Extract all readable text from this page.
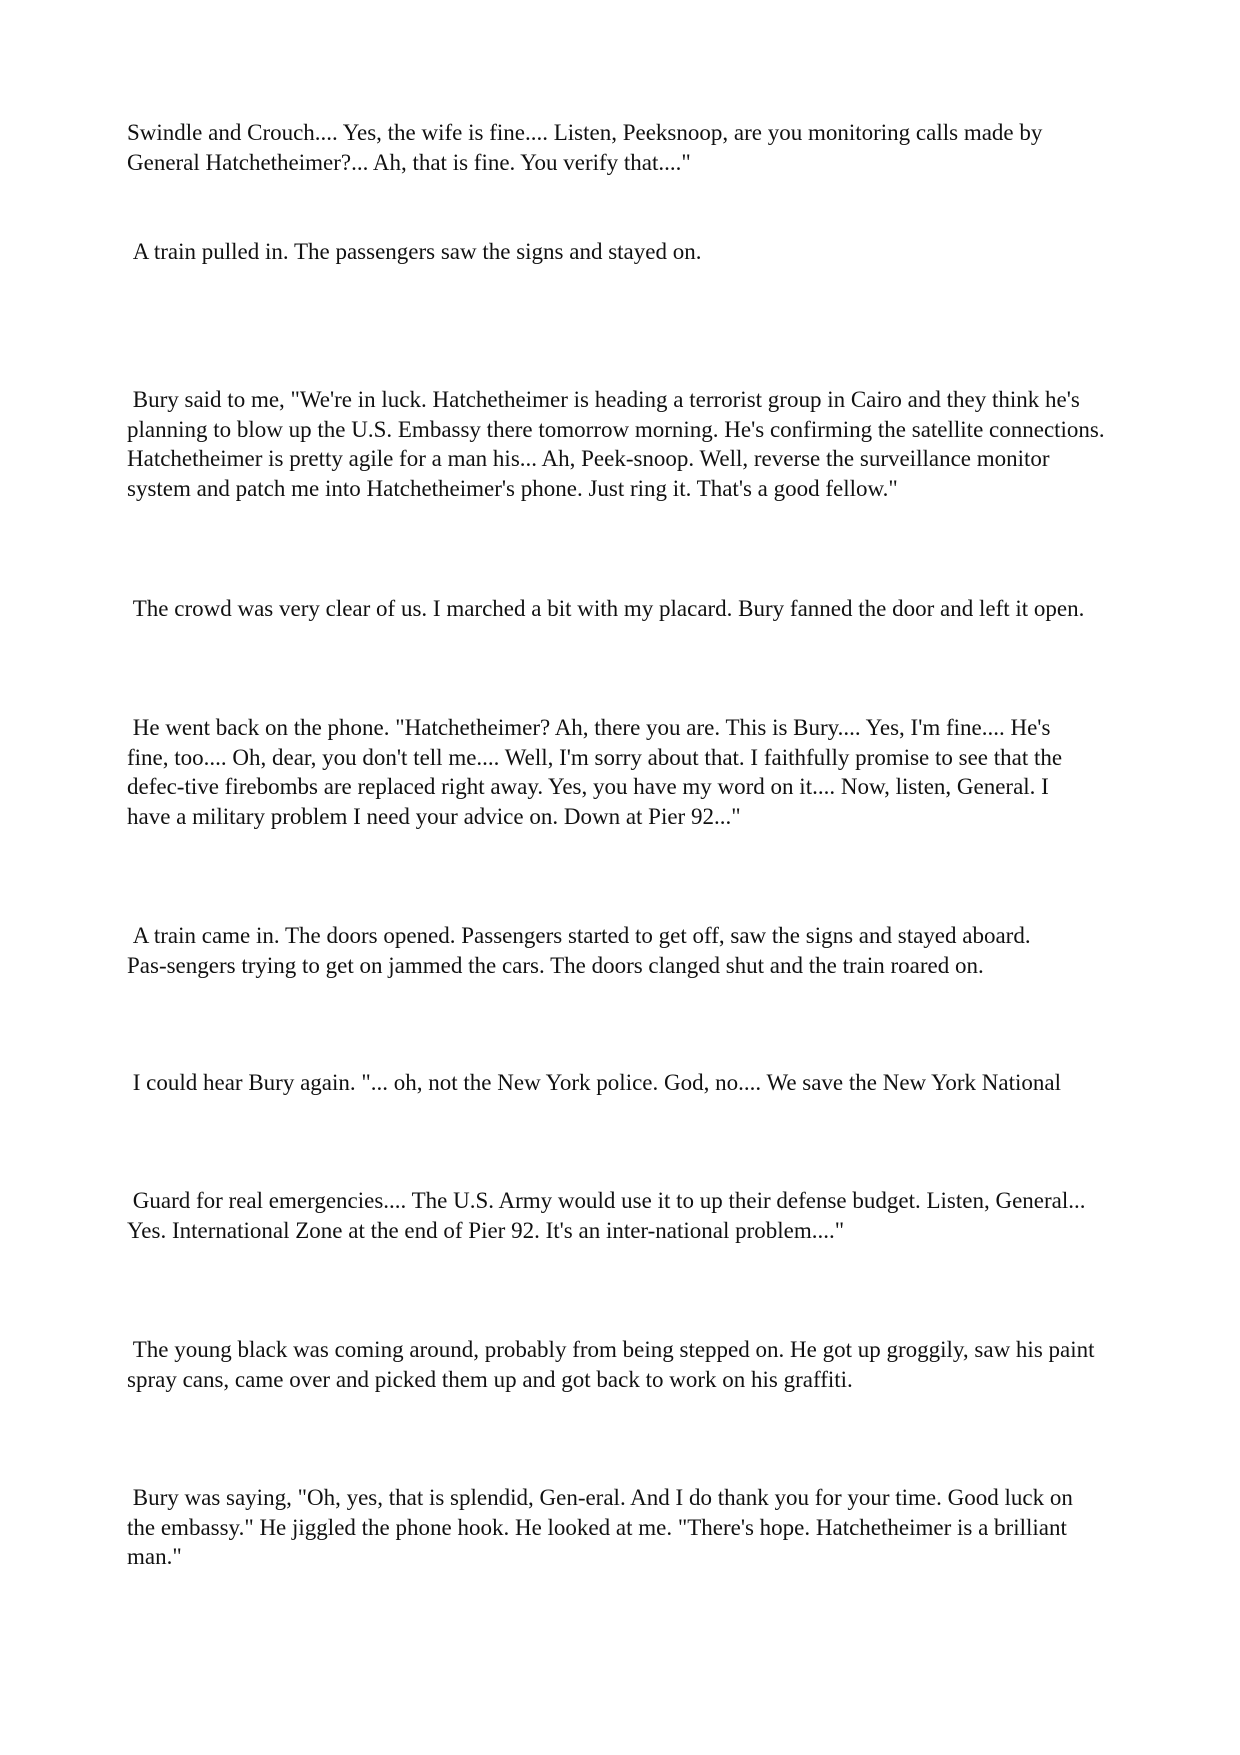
Swindle and Crouch.... Yes, the wife is fine.... Listen, Peeksnoop, are you monitoring calls made by
General Hatchetheimer?... Ah, that is fine. You verify that...."

A train pulled in. The passengers saw the signs and stayed on.

Bury said to me, "We're in luck. Hatchetheimer is heading a terrorist group in Cairo and they think he's
planning to blow up the U.S. Embassy there tomorrow morning. He's confirming the satellite connections.
Hatchetheimer is pretty agile for a man his... Ah, Peek-snoop. Well, reverse the surveillance monitor
system and patch me into Hatchetheimer's phone. Just ring it. That's a good fellow."

The crowd was very clear of us. I marched a bit with my placard. Bury fanned the door and left it open.

He went back on the phone. "Hatchetheimer? Ah, there you are. This is Bury.... Yes, I'm fine.... He's
fine, too.... Oh, dear, you don't tell me.... Well, I'm sorry about that. I faithfully promise to see that the
defec-tive firebombs are replaced right away. Yes, you have my word on it.... Now, listen, General. I
have a military problem I need your advice on. Down at Pier 92..."

A train came in. The doors opened. Passengers started to get off, saw the signs and stayed aboard.
Pas-sengers trying to get on jammed the cars. The doors clanged shut and the train roared on.

I could hear Bury again. "... oh, not the New York police. God, no.... We save the New York National

Guard for real emergencies.... The U.S. Army would use it to up their defense budget. Listen, General...
Yes. International Zone at the end of Pier 92. It's an inter-national problem...."

The young black was coming around, probably from being stepped on. He got up groggily, saw his paint
spray cans, came over and picked them up and got back to work on his graffiti.

Bury was saying, "Oh, yes, that is splendid, Gen-eral. And I do thank you for your time. Good luck on
the embassy." He jiggled the phone hook. He looked at me. "There's hope. Hatchetheimer is a brilliant
man."
